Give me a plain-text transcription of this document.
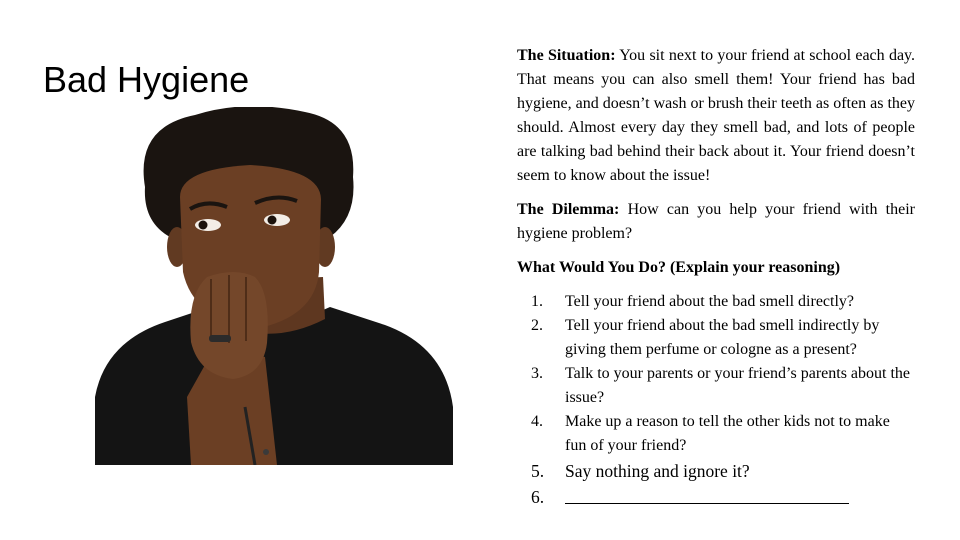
Bad Hygiene

The Situation: You sit next to your friend at school each day. That means you can also smell them! Your friend has bad hygiene, and doesn’t wash or brush their teeth as often as they should. Almost every day they smell bad, and lots of people are talking bad behind their back about it. Your friend doesn’t seem to know about the issue!

The Dilemma: How can you help your friend with their hygiene problem?

What Would You Do? (Explain your reasoning)

1. Tell your friend about the bad smell directly?
2. Tell your friend about the bad smell indirectly by giving them perfume or cologne as a present?
3. Talk to your parents or your friend’s parents about the issue?
4. Make up a reason to tell the other kids not to make fun of your friend?
5. Say nothing and ignore it?
6.
